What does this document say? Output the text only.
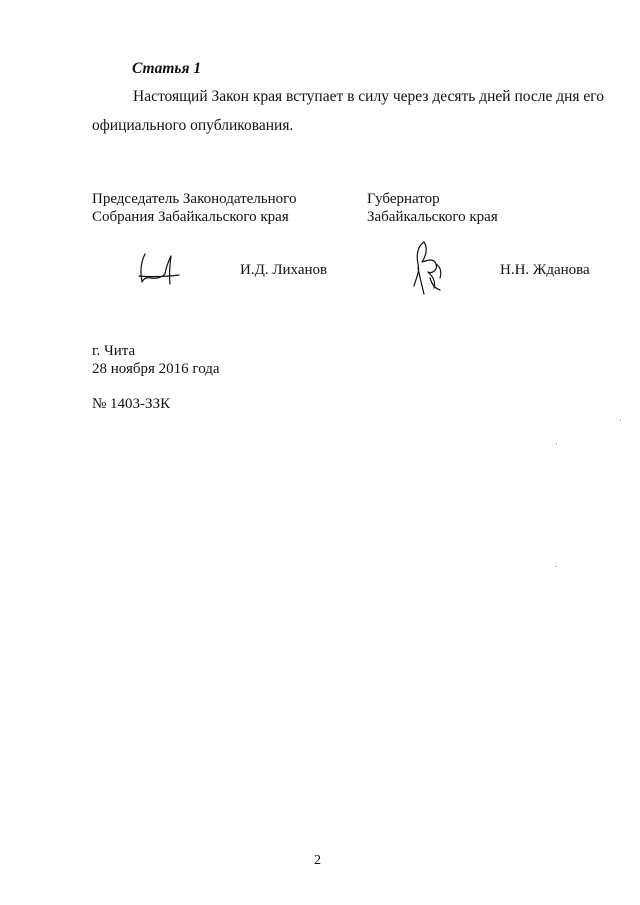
Статья 1
Настоящий Закон края вступает в силу через десять дней после дня его
официального опубликования.
Председатель Законодательного
Собрания Забайкальского края
Губернатор
Забайкальского края
И.Д. Лиханов	Н.Н. Жданова
г. Чита
28 ноября 2016 года
№ 1403-ЗЗК
2
